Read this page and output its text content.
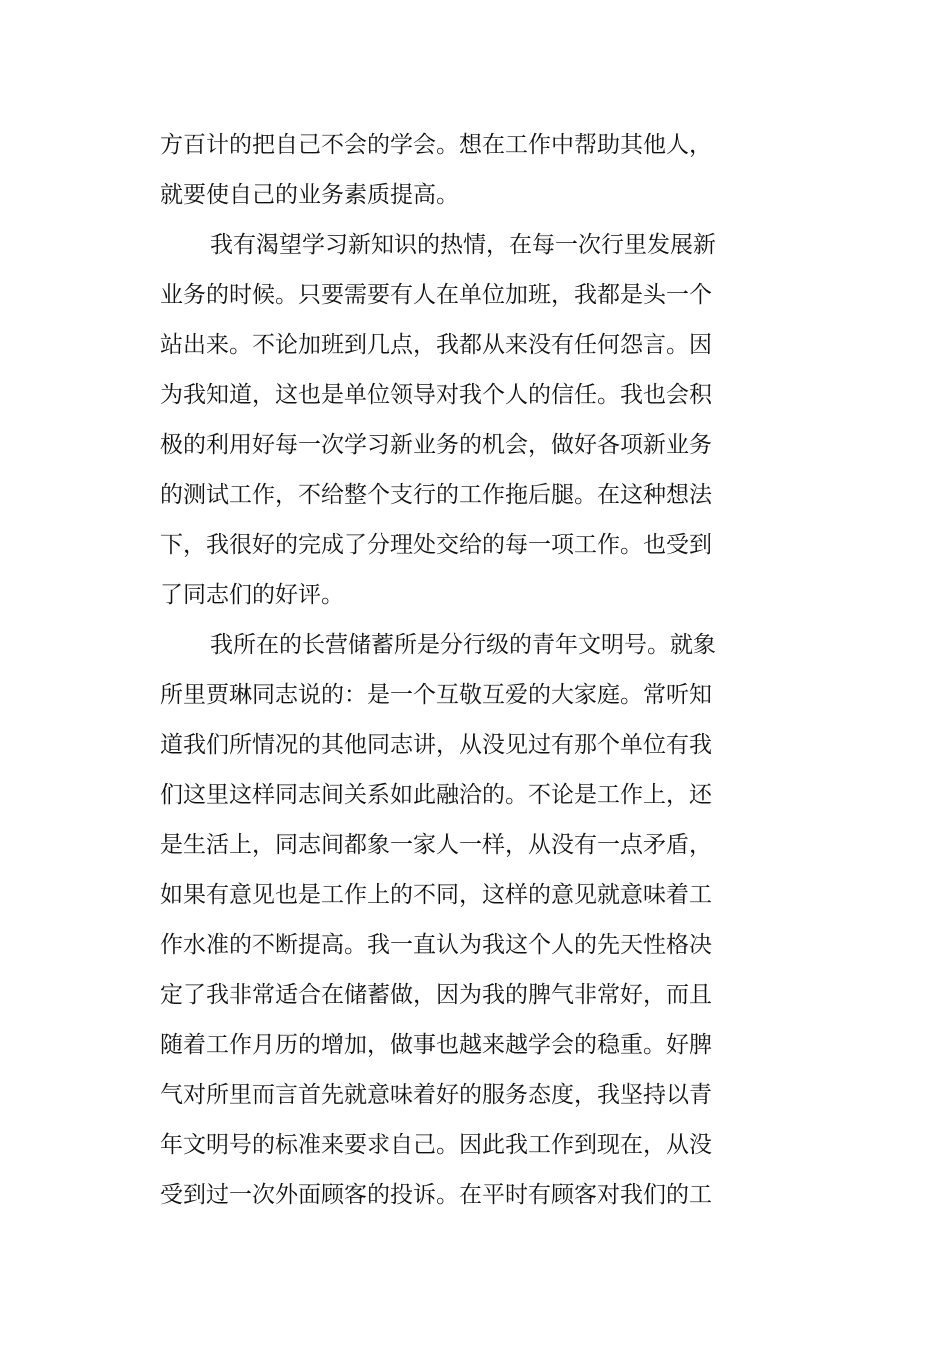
方百计的把自己不会的学会。想在工作中帮助其他人，
就要使自己的业务素质提高。
我有渴望学习新知识的热情，在每一次行里发展新
业务的时候。只要需要有人在单位加班，我都是头一个
站出来。不论加班到几点，我都从来没有任何怨言。因
为我知道，这也是单位领导对我个人的信任。我也会积
极的利用好每一次学习新业务的机会，做好各项新业务
的测试工作，不给整个支行的工作拖后腿。在这种想法
下，我很好的完成了分理处交给的每一项工作。也受到
了同志们的好评。
我所在的长营储蓄所是分行级的青年文明号。就象
所里贾琳同志说的：是一个互敬互爱的大家庭。常听知
道我们所情况的其他同志讲，从没见过有那个单位有我
们这里这样同志间关系如此融洽的。不论是工作上，还
是生活上，同志间都象一家人一样，从没有一点矛盾，
如果有意见也是工作上的不同，这样的意见就意味着工
作水准的不断提高。我一直认为我这个人的先天性格决
定了我非常适合在储蓄做，因为我的脾气非常好，而且
随着工作月历的增加，做事也越来越学会的稳重。好脾
气对所里而言首先就意味着好的服务态度，我坚持以青
年文明号的标准来要求自己。因此我工作到现在，从没
受到过一次外面顾客的投诉。在平时有顾客对我们的工
